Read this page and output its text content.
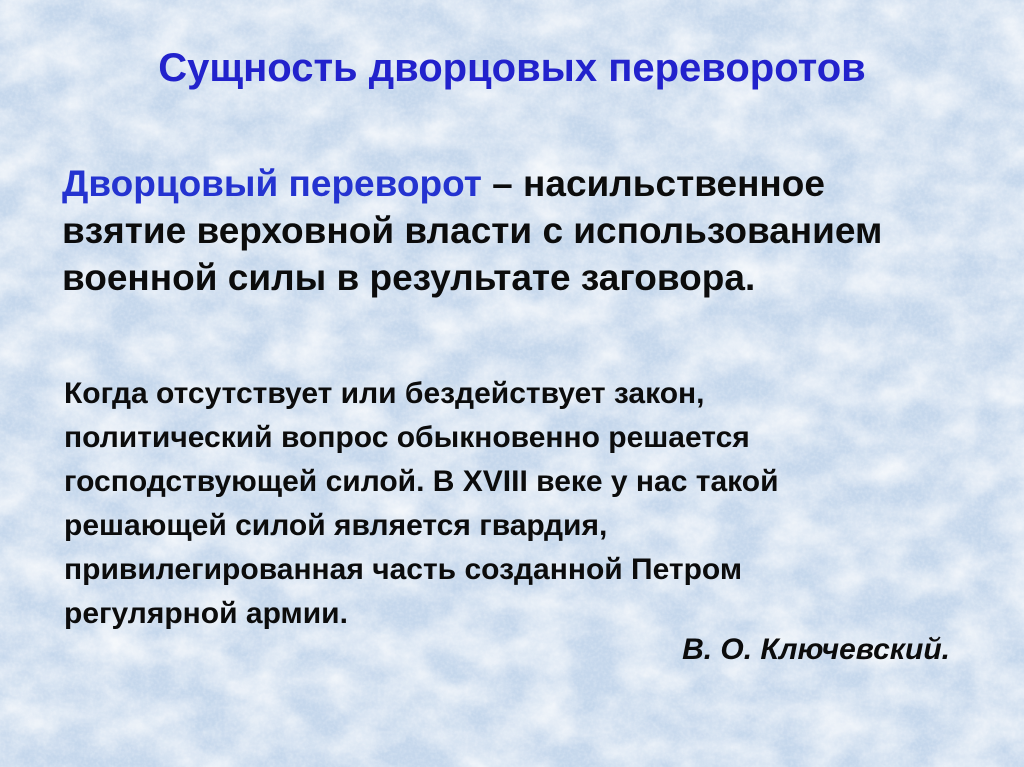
Сущность дворцовых переворотов
Дворцовый переворот – насильственное
взятие верховной власти с использованием
военной силы в результате заговора.
Когда отсутствует или бездействует закон,
политический вопрос обыкновенно решается
господствующей силой. В XVIII веке у нас такой
решающей силой является гвардия,
привилегированная часть созданной Петром
регулярной армии.
В. О. Ключевский.
